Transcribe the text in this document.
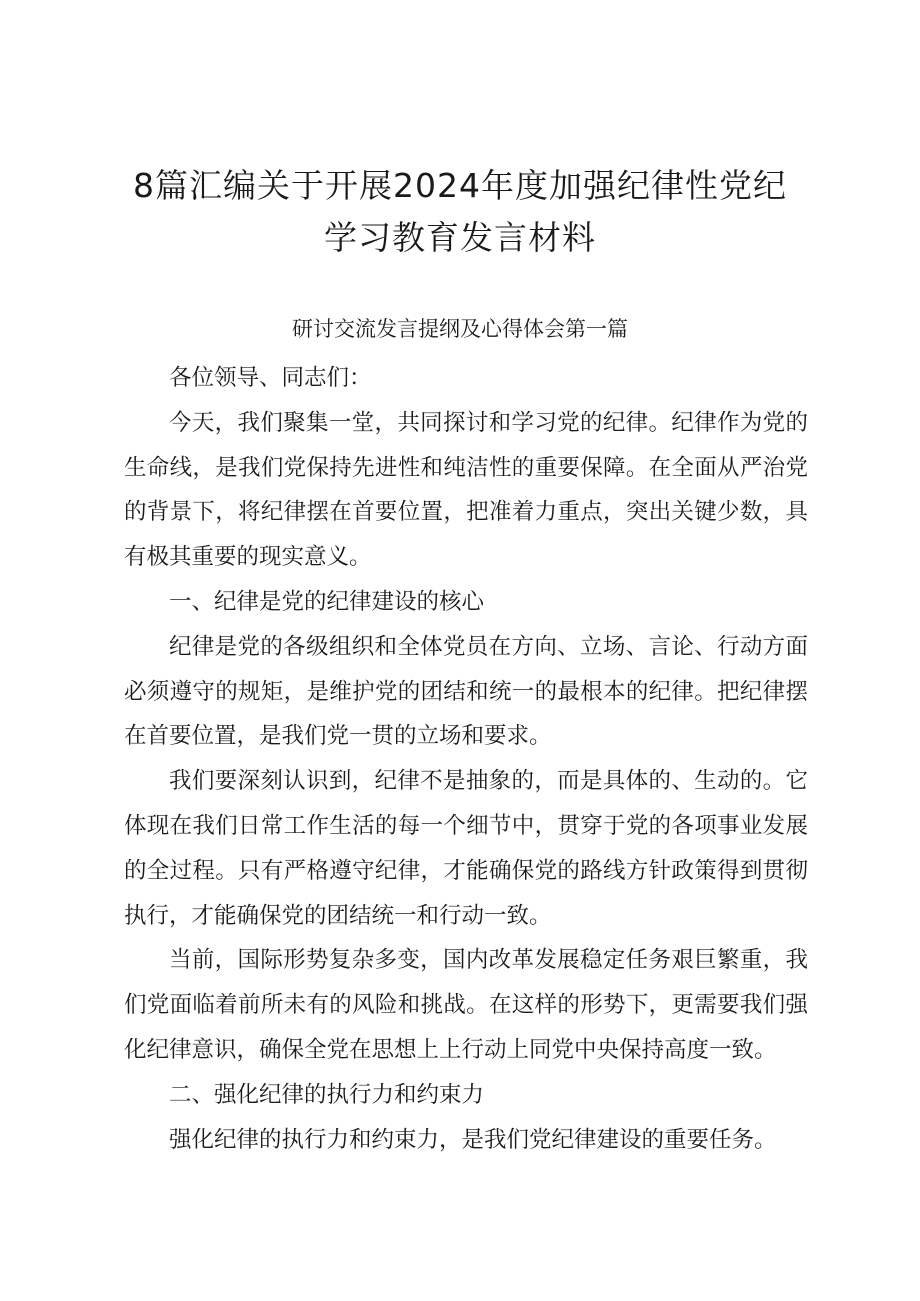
8篇汇编关于开展2024年度加强纪律性党纪
学习教育发言材料
研讨交流发言提纲及心得体会第一篇

各位领导、同志们：

今天，我们聚集一堂，共同探讨和学习党的纪律。纪律作为党的生命线，是我们党保持先进性和纯洁性的重要保障。在全面从严治党的背景下，将纪律摆在首要位置，把准着力重点，突出关键少数，具有极其重要的现实意义。

一、纪律是党的纪律建设的核心

纪律是党的各级组织和全体党员在方向、立场、言论、行动方面必须遵守的规矩，是维护党的团结和统一的最根本的纪律。把纪律摆在首要位置，是我们党一贯的立场和要求。

我们要深刻认识到，纪律不是抽象的，而是具体的、生动的。它体现在我们日常工作生活的每一个细节中，贯穿于党的各项事业发展的全过程。只有严格遵守纪律，才能确保党的路线方针政策得到贯彻执行，才能确保党的团结统一和行动一致。

当前，国际形势复杂多变，国内改革发展稳定任务艰巨繁重，我们党面临着前所未有的风险和挑战。在这样的形势下，更需要我们强化纪律意识，确保全党在思想上上行动上同党中央保持高度一致。

二、强化纪律的执行力和约束力

强化纪律的执行力和约束力，是我们党纪律建设的重要任务。
